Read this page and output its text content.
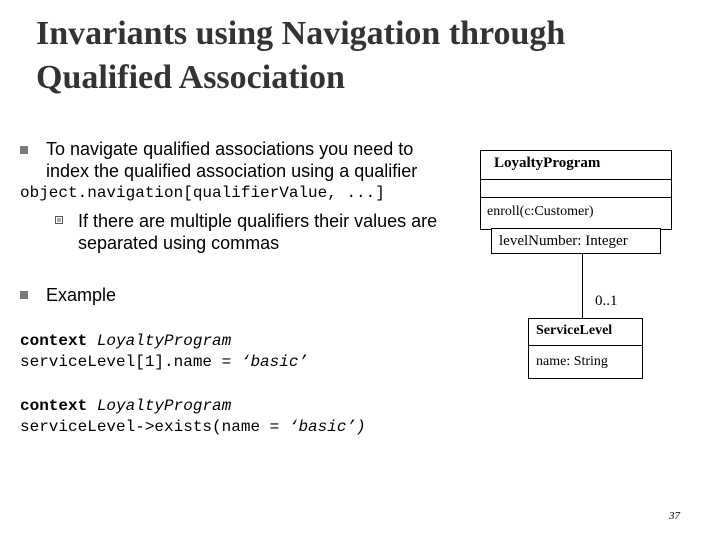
Invariants using Navigation through
Qualified Association
To navigate qualified associations you need to
index the qualified association using a qualifier
object.navigation[qualifierValue, ...]
If there are multiple qualifiers their values are
separated using commas
Example
context LoyaltyProgram
serviceLevel[1].name = ‘basic’
context LoyaltyProgram
serviceLevel->exists(name = ‘basic’)
LoyaltyProgram
enroll(c:Customer)
levelNumber: Integer
0..1
ServiceLevel
name: String
37
